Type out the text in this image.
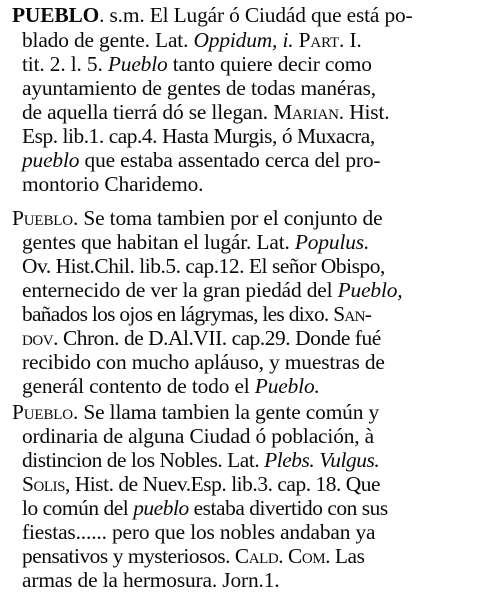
PUEBLO. s.m. El Lugár ó Ciudád que está po-
blado de gente. Lat. Oppidum, i. Part. I.
tit. 2. l. 5. Pueblo tanto quiere decir como
ayuntamiento de gentes de todas manéras,
de aquella tierrá dó se llegan. Marian. Hist.
Esp. lib.1. cap.4. Hasta Murgis, ó Muxacra,
pueblo que estaba assentado cerca del pro-
montorio Charidemo.
Pueblo. Se toma tambien por el conjunto de
gentes que habitan el lugár. Lat. Populus.
Ov. Hist.Chil. lib.5. cap.12. El señor Obispo,
enternecido de ver la gran piedád del Pueblo,
bañados los ojos en lágrymas, les dixo. San-
dov. Chron. de D.Al.VII. cap.29. Donde fué
recibido con mucho apláuso, y muestras de
generál contento de todo el Pueblo.
Pueblo. Se llama tambien la gente común y
ordinaria de alguna Ciudad ó población, à
distincion de los Nobles. Lat. Plebs. Vulgus.
Solis, Hist. de Nuev.Esp. lib.3. cap. 18. Que
lo común del pueblo estaba divertido con sus
fiestas...... pero que los nobles andaban ya
pensativos y mysteriosos. Cald. Com. Las
armas de la hermosura. Jorn.1.
